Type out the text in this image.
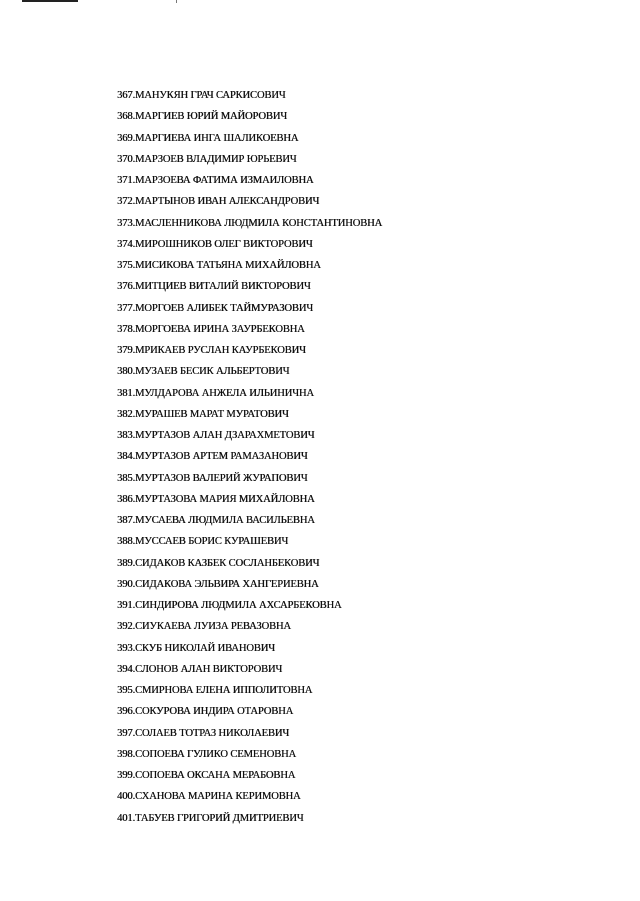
367.МАНУКЯН ГРАЧ САРКИСОВИЧ
368.МАРГИЕВ ЮРИЙ МАЙОРОВИЧ
369.МАРГИЕВА ИНГА ШАЛИКОЕВНА
370.МАРЗОЕВ ВЛАДИМИР ЮРЬЕВИЧ
371.МАРЗОЕВА ФАТИМА ИЗМАИЛОВНА
372.МАРТЫНОВ ИВАН АЛЕКСАНДРОВИЧ
373.МАСЛЕННИКОВА ЛЮДМИЛА КОНСТАНТИНОВНА
374.МИРОШНИКОВ ОЛЕГ ВИКТОРОВИЧ
375.МИСИКОВА ТАТЬЯНА МИХАЙЛОВНА
376.МИТЦИЕВ ВИТАЛИЙ ВИКТОРОВИЧ
377.МОРГОЕВ АЛИБЕК ТАЙМУРАЗОВИЧ
378.МОРГОЕВА ИРИНА ЗАУРБЕКОВНА
379.МРИКАЕВ РУСЛАН КАУРБЕКОВИЧ
380.МУЗАЕВ БЕСИК АЛЬБЕРТОВИЧ
381.МУЛДАРОВА АНЖЕЛА ИЛЬИНИЧНА
382.МУРАШЕВ МАРАТ МУРАТОВИЧ
383.МУРТАЗОВ АЛАН ДЗАРАХМЕТОВИЧ
384.МУРТАЗОВ АРТЕМ РАМАЗАНОВИЧ
385.МУРТАЗОВ ВАЛЕРИЙ ЖУРАПОВИЧ
386.МУРТАЗОВА МАРИЯ МИХАЙЛОВНА
387.МУСАЕВА ЛЮДМИЛА ВАСИЛЬЕВНА
388.МУССАЕВ БОРИС КУРАШЕВИЧ
389.СИДАКОВ КАЗБЕК СОСЛАНБЕКОВИЧ
390.СИДАКОВА ЭЛЬВИРА ХАНГЕРИЕВНА
391.СИНДИРОВА ЛЮДМИЛА АХСАРБЕКОВНА
392.СИУКАЕВА ЛУИЗА РЕВАЗОВНА
393.СКУБ НИКОЛАЙ ИВАНОВИЧ
394.СЛОНОВ АЛАН ВИКТОРОВИЧ
395.СМИРНОВА ЕЛЕНА ИППОЛИТОВНА
396.СОКУРОВА ИНДИРА ОТАРОВНА
397.СОЛАЕВ ТОТРАЗ НИКОЛАЕВИЧ
398.СОПОЕВА ГУЛИКО СЕМЕНОВНА
399.СОПОЕВА ОКСАНА МЕРАБОВНА
400.СХАНОВА МАРИНА КЕРИМОВНА
401.ТАБУЕВ ГРИГОРИЙ ДМИТРИЕВИЧ
